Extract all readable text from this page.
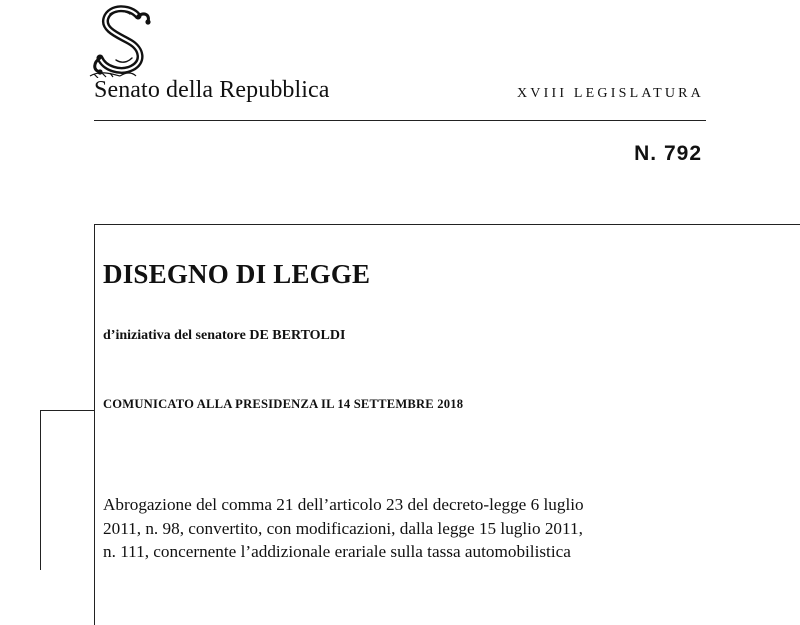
Senato della Repubblica	XVIII LEGISLATURA
N. 792
DISEGNO DI LEGGE
d’iniziativa del senatore DE BERTOLDI
COMUNICATO ALLA PRESIDENZA IL 14 SETTEMBRE 2018
Abrogazione del comma 21 dell’articolo 23 del decreto-legge 6 luglio
2011, n. 98, convertito, con modificazioni, dalla legge 15 luglio 2011,
n. 111, concernente l’addizionale erariale sulla tassa automobilistica
